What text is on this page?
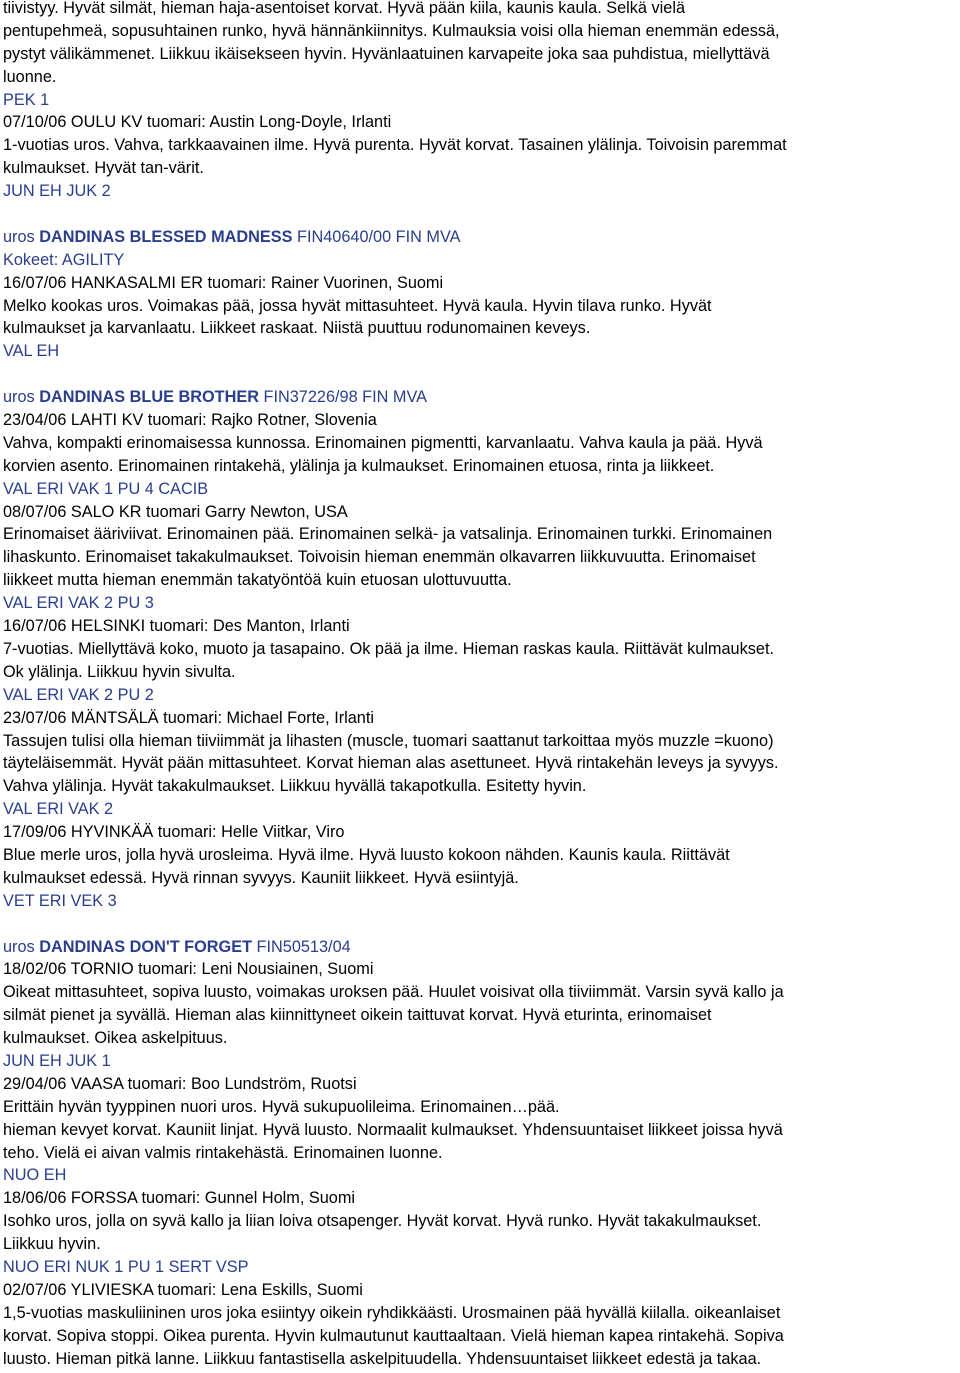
tiivistyy. Hyvät silmät, hieman haja-asentoiset korvat. Hyvä pään kiila, kaunis kaula. Selkä vielä
pentupehmeä, sopusuhtainen runko, hyvä hännänkiinnitys. Kulmauksia voisi olla hieman enemmän edessä,
pystyt välikämmenet. Liikkuu ikäisekseen hyvin. Hyvänlaatuinen karvapeite joka saa puhdistua, miellyttävä
luonne.
PEK 1
07/10/06 OULU KV tuomari: Austin Long-Doyle, Irlanti
1-vuotias uros. Vahva, tarkkaavainen ilme. Hyvä purenta. Hyvät korvat. Tasainen ylälinja. Toivoisin paremmat
kulmaukset. Hyvät tan-värit.
JUN EH JUK 2
uros DANDINAS BLESSED MADNESS FIN40640/00 FIN MVA
Kokeet: AGILITY
16/07/06 HANKASALMI ER tuomari: Rainer Vuorinen, Suomi
Melko kookas uros. Voimakas pää, jossa hyvät mittasuhteet. Hyvä kaula. Hyvin tilava runko. Hyvät
kulmaukset ja karvanlaatu. Liikkeet raskaat. Niistä puuttuu rodunomainen keveys.
VAL EH
uros DANDINAS BLUE BROTHER FIN37226/98 FIN MVA
23/04/06 LAHTI KV tuomari: Rajko Rotner, Slovenia
Vahva, kompakti erinomaisessa kunnossa. Erinomainen pigmentti, karvanlaatu. Vahva kaula ja pää. Hyvä
korvien asento. Erinomainen rintakehä, ylälinja ja kulmaukset. Erinomainen etuosa, rinta ja liikkeet.
VAL ERI VAK 1 PU 4 CACIB
08/07/06 SALO KR tuomari Garry Newton, USA
Erinomaiset ääriviivat. Erinomainen pää. Erinomainen selkä- ja vatsalinja. Erinomainen turkki. Erinomainen
lihaskunto. Erinomaiset takakulmaukset. Toivoisin hieman enemmän olkavarren liikkuvuutta. Erinomaiset
liikkeet mutta hieman enemmän takatyöntöä kuin etuosan ulottuvuutta.
VAL ERI VAK 2 PU 3
16/07/06 HELSINKI tuomari: Des Manton, Irlanti
7-vuotias. Miellyttävä koko, muoto ja tasapaino. Ok pää ja ilme. Hieman raskas kaula. Riittävät kulmaukset.
Ok ylälinja. Liikkuu hyvin sivulta.
VAL ERI VAK 2 PU 2
23/07/06 MÄNTSÄLÄ tuomari: Michael Forte, Irlanti
Tassujen tulisi olla hieman tiiviimmät ja lihasten (muscle, tuomari saattanut tarkoittaa myös muzzle =kuono)
täyteläisemmät. Hyvät pään mittasuhteet. Korvat hieman alas asettuneet. Hyvä rintakehän leveys ja syvyys.
Vahva ylälinja. Hyvät takakulmaukset. Liikkuu hyvällä takapotkulla. Esitetty hyvin.
VAL ERI VAK 2
17/09/06 HYVINKÄÄ tuomari: Helle Viitkar, Viro
Blue merle uros, jolla hyvä urosleima. Hyvä ilme. Hyvä luusto kokoon nähden. Kaunis kaula. Riittävät
kulmaukset edessä. Hyvä rinnan syvyys. Kauniit liikkeet. Hyvä esiintyjä.
VET ERI VEK 3
uros DANDINAS DON'T FORGET FIN50513/04
18/02/06 TORNIO tuomari: Leni Nousiainen, Suomi
Oikeat mittasuhteet, sopiva luusto, voimakas uroksen pää. Huulet voisivat olla tiiviimmät. Varsin syvä kallo ja
silmät pienet ja syvällä. Hieman alas kiinnittyneet oikein taittuvat korvat. Hyvä eturinta, erinomaiset
kulmaukset. Oikea askelpituus.
JUN EH JUK 1
29/04/06 VAASA tuomari: Boo Lundström, Ruotsi
Erittäin hyvän tyyppinen nuori uros. Hyvä sukupuolileima. Erinomainen…pää.
hieman kevyet korvat. Kauniit linjat. Hyvä luusto. Normaalit kulmaukset. Yhdensuuntaiset liikkeet joissa hyvä
teho. Vielä ei aivan valmis rintakehästä. Erinomainen luonne.
NUO EH
18/06/06 FORSSA tuomari: Gunnel Holm, Suomi
Isohko uros, jolla on syvä kallo ja liian loiva otsapenger. Hyvät korvat. Hyvä runko. Hyvät takakulmaukset.
Liikkuu hyvin.
NUO ERI NUK 1 PU 1 SERT VSP
02/07/06 YLIVIESKA tuomari: Lena Eskills, Suomi
1,5-vuotias maskuliininen uros joka esiintyy oikein ryhdikkäästi. Urosmainen pää hyvällä kiilalla. oikeanlaiset
korvat. Sopiva stoppi. Oikea purenta. Hyvin kulmautunut kauttaaltaan. Vielä hieman kapea rintakehä. Sopiva
luusto. Hieman pitkä lanne. Liikkuu fantastisella askelpituudella. Yhdensuuntaiset liikkeet edestä ja takaa.
